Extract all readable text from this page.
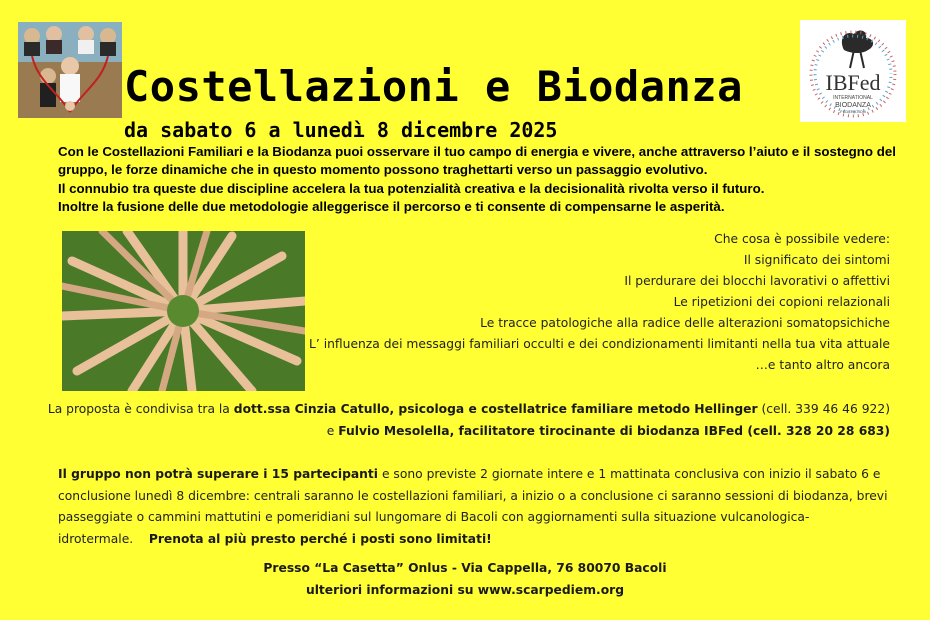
IBFed
INTERNATIONAL
BIODANZA
FEDERATION
Costellazioni e Biodanza
da sabato 6 a lunedì 8 dicembre 2025

Con le Costellazioni Familiari e la Biodanza puoi osservare il tuo campo di energia e vivere, anche attraverso l’aiuto e il sostegno del gruppo, le forze dinamiche che in questo momento possono traghettarti verso un passaggio evolutivo.

Il connubio tra queste due discipline accelera la tua potenzialità creativa e la decisionalità rivolta verso il futuro.

Inoltre la fusione delle due metodologie alleggerisce il percorso e ti consente di compensarne le asperità.

Che cosa è possibile vedere:
Il significato dei sintomi
Il perdurare dei blocchi lavorativi o affettivi
Le ripetizioni dei copioni relazionali
Le tracce patologiche alla radice delle alterazioni somatopsichiche
L’ influenza dei messaggi familiari occulti e dei condizionamenti limitanti nella tua vita attuale
…e tanto altro ancora
La proposta è condivisa tra la dott.ssa Cinzia Catullo, psicologa e costellatrice familiare metodo Hellinger (cell. 339 46 46 922)
e Fulvio Mesolella, facilitatore tirocinante di biodanza IBFed (cell. 328 20 28 683)
Il gruppo non potrà superare i 15 partecipanti e sono previste 2 giornate intere e 1 mattinata conclusiva con inizio il sabato 6 e conclusione lunedì 8 dicembre: centrali saranno le costellazioni familiari, a inizio o a conclusione ci saranno sessioni di biodanza, brevi passeggiate o cammini mattutini e pomeridiani sul lungomare di Bacoli con aggiornamenti sulla situazione vulcanologica-idrotermale. Prenota al più presto perché i posti sono limitati!
Presso “La Casetta” Onlus - Via Cappella, 76 80070 Bacoli
ulteriori informazioni su www.scarpediem.org
